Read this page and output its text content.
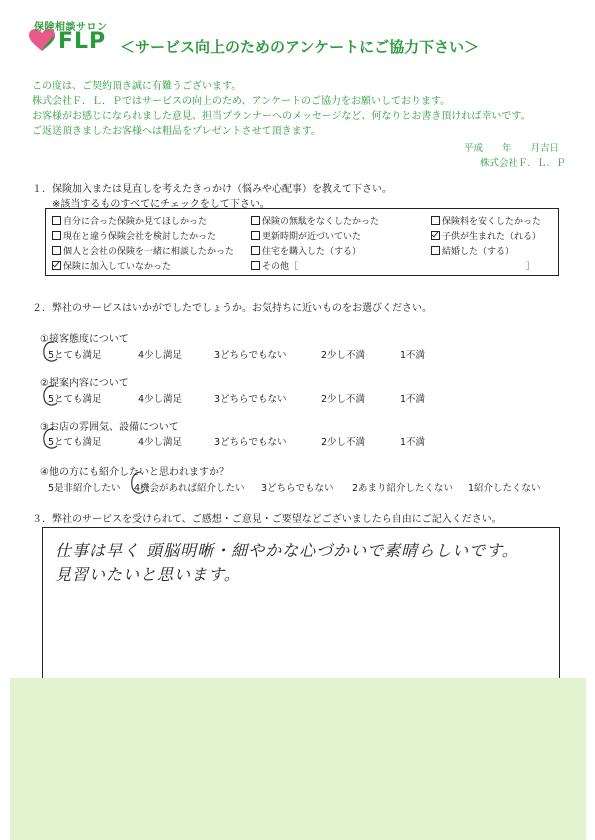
保険相談サロン
FLP ＜サービス向上のためのアンケートにご協力下さい＞
この度は、ご契約頂き誠に有難うございます。
株式会社Ｆ．Ｌ．Ｐではサービスの向上のため、アンケートのご協力をお願いしております。
お客様がお感じになられました意見、担当プランナーへのメッセージなど、何なりとお書き頂ければ幸いです。
ご返送頂きましたお客様へは粗品をプレゼントさせて頂きます。
平成　　年　　月吉日
株式会社Ｆ．Ｌ．Ｐ
１．保険加入または見直しを考えたきっかけ（悩みや心配事）を教えて下さい。
※該当するものすべてにチェックをして下さい。
自分に合った保険か見てほしかった	保険の無駄をなくしたかった	保険料を安くしたかった
現在と違う保険会社を検討したかった	更新時期が近づいていた	子供が生まれた（れる）
個人と会社の保険を一緒に相談したかった	住宅を購入した（する）	結婚した（する）
保険に加入していなかった	その他［	］
２．弊社のサービスはいかがでしたでしょうか。お気持ちに近いものをお選びください。
①接客態度について
5とても満足	4少し満足	3どちらでもない	2少し不満	1不満
②提案内容について
5とても満足	4少し満足	3どちらでもない	2少し不満	1不満
③お店の雰囲気、設備について
5とても満足	4少し満足	3どちらでもない	2少し不満	1不満
④他の方にも紹介したいと思われますか？
5是非紹介したい 4機会があれば紹介したい 3どちらでもない 2あまり紹介したくない 1紹介したくない
３．弊社のサービスを受けられて、ご感想・ご意見・ご要望などございましたら自由にご記入ください。
仕事は早く 頭脳明晰・細やかな心づかいで素晴らしいです。
見習いたいと思います。
